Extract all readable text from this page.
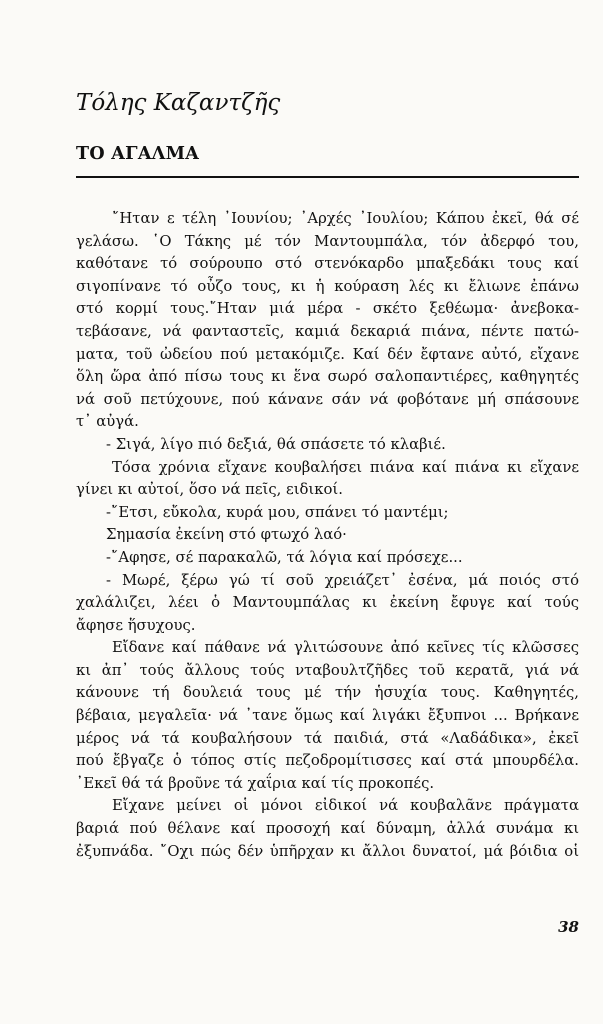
Τόλης Καζαντζῆς
ΤΟ ΑΓΑΛΜΑ
῎Ηταν ε τέλη ᾽Ιουνίου; ᾽Αρχές ᾽Ιουλίου; Κάπου ἐκεῖ, θά σέ
γελάσω. ῾Ο Τάκης μέ τόν Μαντουμπάλα, τόν ἀδερφό του,
καθότανε τό σούρουπο στό στενόκαρδο μπαξεδάκι τους καί
σιγοπίνανε τό οὖζο τους, κι ἡ κούραση λές κι ἔλιωνε ἐπάνω
στό κορμί τους.῎Ηταν μιά μέρα - σκέτο ξεθέωμα· ἀνεβοκα-
τεβάσανε, νά φανταστεῖς, καμιά δεκαριά πιάνα, πέντε πατώ-
ματα, τοῦ ὠδείου πού μετακόμιζε. Καί δέν ἔφτανε αὐτό, εἴχανε
ὅλη ὥρα ἀπό πίσω τους κι ἕνα σωρό σαλοπαντιέρες, καθηγητές
νά σοῦ πετύχουνε, πού κάνανε σάν νά φοβότανε μή σπάσουνε
τ᾽ αὐγά.
- Σιγά, λίγο πιό δεξιά, θά σπάσετε τό κλαβιέ.
Τόσα χρόνια εἴχανε κουβαλήσει πιάνα καί πιάνα κι εἴχανε
γίνει κι αὐτοί, ὅσο νά πεῖς, ειδικοί.
-῎Ετσι, εὔκολα, κυρά μου, σπάνει τό μαντέμι;
Σημασία ἐκείνη στό φτωχό λαό·
-῎Αφησε, σέ παρακαλῶ, τά λόγια καί πρόσεχε...
- Μωρέ, ξέρω γώ τί σοῦ χρειάζετ᾽ ἐσένα, μά ποιός στό
χαλάλιζει, λέει ὁ Μαντουμπάλας κι ἐκείνη ἔφυγε καί τούς
ἄφησε ἥσυχους.
Εἴδανε καί πάθανε νά γλιτώσουνε ἀπό κεῖνες τίς κλῶσσες
κι ἀπ᾽ τούς ἄλλους τούς νταβουλτζῆδες τοῦ κερατᾶ, γιά νά
κάνουνε τή δουλειά τους μέ τήν ἡσυχία τους. Καθηγητές,
βέβαια, μεγαλεῖα· νά ᾽τανε ὅμως καί λιγάκι ἔξυπνοι ... Βρήκανε
μέρος νά τά κουβαλήσουν τά παιδιά, στά «Λαδάδικα», ἐκεῖ
πού ἔβγαζε ὁ τόπος στίς πεζοδρομίτισσες καί στά μπουρδέλα.
᾽Εκεῖ θά τά βροῦνε τά χαΐρια καί τίς προκοπές.
Εἴχανε μείνει οἱ μόνοι εἰδικοί νά κουβαλᾶνε πράγματα
βαριά πού θέλανε καί προσοχή καί δύναμη, ἀλλά συνάμα κι
ἐξυπνάδα. ῎Οχι πώς δέν ὑπῆρχαν κι ἄλλοι δυνατοί, μά βόιδια οἱ
38
